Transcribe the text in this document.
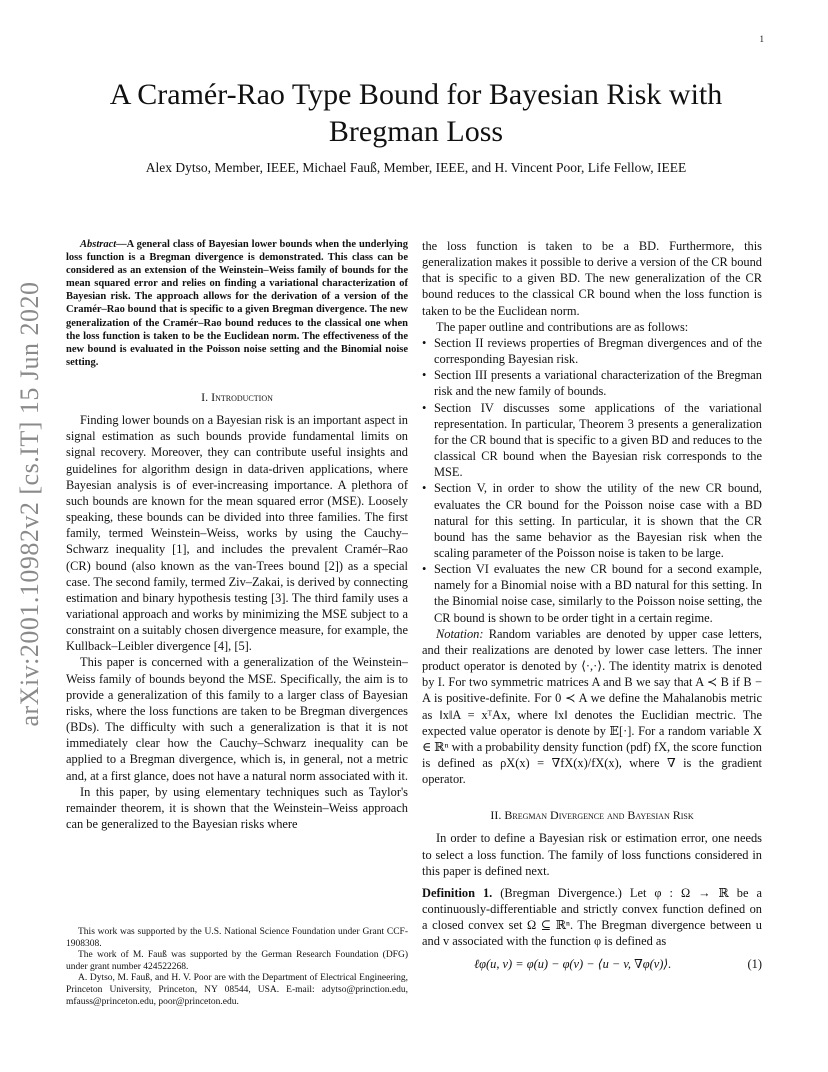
1
arXiv:2001.10982v2 [cs.IT] 15 Jun 2020
A Cramér-Rao Type Bound for Bayesian Risk with Bregman Loss
Alex Dytso, Member, IEEE, Michael Fauß, Member, IEEE, and H. Vincent Poor, Life Fellow, IEEE

Abstract—A general class of Bayesian lower bounds when the underlying loss function is a Bregman divergence is demonstrated. This class can be considered as an extension of the Weinstein–Weiss family of bounds for the mean squared error and relies on finding a variational characterization of Bayesian risk. The approach allows for the derivation of a version of the Cramér–Rao bound that is specific to a given Bregman divergence. The new generalization of the Cramér–Rao bound reduces to the classical one when the loss function is taken to be the Euclidean norm. The effectiveness of the new bound is evaluated in the Poisson noise setting and the Binomial noise setting.

I. Introduction

Finding lower bounds on a Bayesian risk is an important aspect in signal estimation as such bounds provide fundamental limits on signal recovery. Moreover, they can contribute useful insights and guidelines for algorithm design in data-driven applications, where Bayesian analysis is of ever-increasing importance. A plethora of such bounds are known for the mean squared error (MSE). Loosely speaking, these bounds can be divided into three families. The first family, termed Weinstein–Weiss, works by using the Cauchy–Schwarz inequality [1], and includes the prevalent Cramér–Rao (CR) bound (also known as the van-Trees bound [2]) as a special case. The second family, termed Ziv–Zakai, is derived by connecting estimation and binary hypothesis testing [3]. The third family uses a variational approach and works by minimizing the MSE subject to a constraint on a suitably chosen divergence measure, for example, the Kullback–Leibler divergence [4], [5].

This paper is concerned with a generalization of the Weinstein–Weiss family of bounds beyond the MSE. Specifically, the aim is to provide a generalization of this family to a larger class of Bayesian risks, where the loss functions are taken to be Bregman divergences (BDs). The difficulty with such a generalization is that it is not immediately clear how the Cauchy–Schwarz inequality can be applied to a Bregman divergence, which is, in general, not a metric and, at a first glance, does not have a natural norm associated with it.

In this paper, by using elementary techniques such as Taylor's remainder theorem, it is shown that the Weinstein–Weiss approach can be generalized to the Bayesian risks where

This work was supported by the U.S. National Science Foundation under Grant CCF-1908308.

The work of M. Fauß was supported by the German Research Foundation (DFG) under grant number 424522268.

A. Dytso, M. Fauß, and H. V. Poor are with the Department of Electrical Engineering, Princeton University, Princeton, NY 08544, USA. E-mail: adytso@prinction.edu, mfauss@princeton.edu, poor@princeton.edu.

the loss function is taken to be a BD. Furthermore, this generalization makes it possible to derive a version of the CR bound that is specific to a given BD. The new generalization of the CR bound reduces to the classical CR bound when the loss function is taken to be the Euclidean norm.

The paper outline and contributions are as follows:

• Section II reviews properties of Bregman divergences and of the corresponding Bayesian risk.
• Section III presents a variational characterization of the Bregman risk and the new family of bounds.
• Section IV discusses some applications of the variational representation. In particular, Theorem 3 presents a generalization for the CR bound that is specific to a given BD and reduces to the classical CR bound when the Bayesian risk corresponds to the MSE.
• Section V, in order to show the utility of the new CR bound, evaluates the CR bound for the Poisson noise case with a BD natural for this setting. In particular, it is shown that the CR bound has the same behavior as the Bayesian risk when the scaling parameter of the Poisson noise is taken to be large.
• Section VI evaluates the new CR bound for a second example, namely for a Binomial noise with a BD natural for this setting. In the Binomial noise case, similarly to the Poisson noise setting, the CR bound is shown to be order tight in a certain regime.

Notation: Random variables are denoted by upper case letters, and their realizations are denoted by lower case letters. The inner product operator is denoted by ⟨·,·⟩. The identity matrix is denoted by I. For two symmetric matrices A and B we say that A ≺ B if B − A is positive-definite. For 0 ≺ A we define the Mahalanobis metric as ‖x‖A = xᵀAx, where ‖x‖ denotes the Euclidian mectric. The expected value operator is denote by 𝔼[·]. For a random variable X ∈ ℝⁿ with a probability density function (pdf) fX, the score function is defined as ρX(x) = ∇fX(x)/fX(x), where ∇ is the gradient operator.

II. Bregman Divergence and Bayesian Risk

In order to define a Bayesian risk or estimation error, one needs to select a loss function. The family of loss functions considered in this paper is defined next.

Definition 1. (Bregman Divergence.) Let φ : Ω → ℝ be a continuously-differentiable and strictly convex function defined on a closed convex set Ω ⊆ ℝⁿ. The Bregman divergence between u and v associated with the function φ is defined as

ℓφ(u, v) = φ(u) − φ(v) − ⟨u − v, ∇φ(v)⟩.	(1)
